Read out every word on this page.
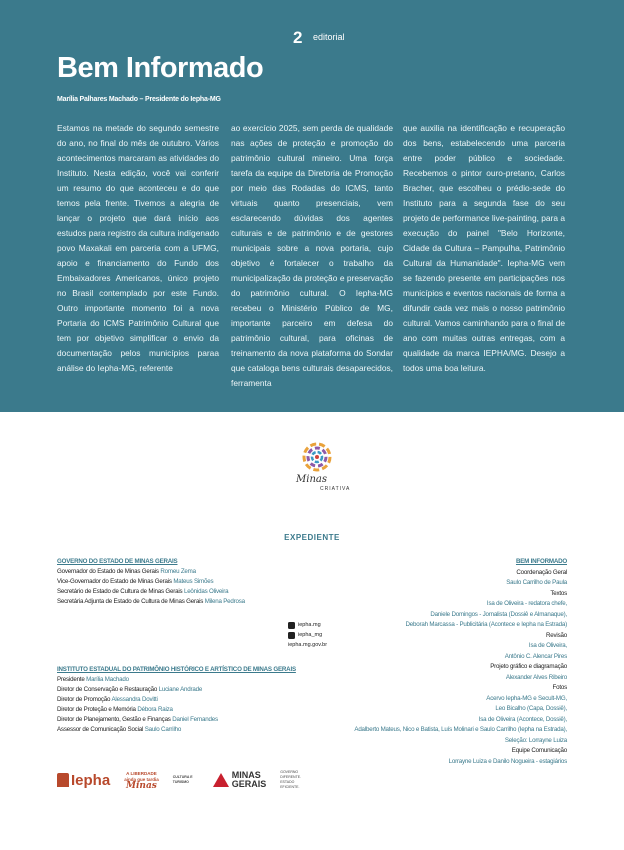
2 editorial
Bem Informado
Marília Palhares Machado – Presidente do Iepha-MG

Estamos na metade do segundo semestre do ano, no final do mês de outubro. Vários acontecimentos marcaram as atividades do Instituto. Nesta edição, você vai conferir um resumo do que aconteceu e do que temos pela frente. Tivemos a alegria de lançar o projeto que dará início aos estudos para registro da cultura indígenado povo Maxakali em parceria com a UFMG, apoio e financiamento do Fundo dos Embaixadores Americanos, único projeto no Brasil contemplado por este Fundo. Outro importante momento foi a nova Portaria do ICMS Patrimônio Cultural que tem por objetivo simplificar o envio da documentação pelos municípios paraa análise do Iepha-MG, referente

ao exercício 2025, sem perda de qualidade nas ações de proteção e promoção do patrimônio cultural mineiro. Uma força tarefa da equipe da Diretoria de Promoção por meio das Rodadas do ICMS, tanto virtuais quanto presenciais, vem esclarecendo dúvidas dos agentes culturais e de patrimônio e de gestores municipais sobre a nova portaria, cujo objetivo é fortalecer o trabalho da municipalização da proteção e preservação do patrimônio cultural. O Iepha-MG recebeu o Ministério Público de MG, importante parceiro em defesa do patrimônio cultural, para oficinas de treinamento da nova plataforma do Sondar que cataloga bens culturais desaparecidos, ferramenta

que auxilia na identificação e recuperação dos bens, estabelecendo uma parceria entre poder público e sociedade. Recebemos o pintor ouro-pretano, Carlos Bracher, que escolheu o prédio-sede do Instituto para a segunda fase do seu projeto de performance live-painting, para a execução do painel "Belo Horizonte, Cidade da Cultura – Pampulha, Patrimônio Cultural da Humanidade". Iepha-MG vem se fazendo presente em participações nos municípios e eventos nacionais de forma a difundir cada vez mais o nosso patrimônio cultural. Vamos caminhando para o final de ano com muitas outras entregas, com a qualidade da marca IEPHA/MG. Desejo a todos uma boa leitura.

Minas
CRIATIVA
EXPEDIENTE
GOVERNO DO ESTADO DE MINAS GERAIS
Governador do Estado de Minas Gerais Romeu Zema
Vice-Governador do Estado de Minas Gerais Mateus Simões
Secretário de Estado de Cultura de Minas Gerais Leônidas Oliveira
Secretária Adjunta de Estado de Cultura de Minas Gerais Milena Pedrosa
iepha.mg
iepha_mg
iepha.mg.gov.br
INSTITUTO ESTADUAL DO PATRIMÔNIO HISTÓRICO E ARTÍSTICO DE MINAS GERAIS
Presidente Marília Machado
Diretor de Conservação e Restauração Luciane Andrade
Diretor de Promoção Alessandra Dovitti
Diretor de Proteção e Memória Débora Raiza
Diretor de Planejamento, Gestão e Finanças Daniel Fernandes
Assessor de Comunicação Social Saulo Carrilho
BEM INFORMADO
Coordenação Geral
Saulo Carrilho de Paula
Textos
Isa de Oliveira - redatora chefe,
Daniele Domingos - Jornalista (Dossiê e Almanaque),
Deborah Marcassa - Publicitária (Acontece e Iepha na Estrada)
Revisão
Isa de Oliveira,
Antônio C. Alencar Pires
Projeto gráfico e diagramação
Alexander Alves Ribeiro
Fotos
Acervo Iepha-MG e Secult-MG,
Leo Bicalho (Capa, Dossiê),
Isa de Oliveira (Acontece, Dossiê),
Adalberto Mateus, Nico e Batista, Luís Molinari e Saulo Carrilho (Iepha na Estrada),
Seleção: Lorrayne Luiza
Equipe Comunicação
Lorrayne Luiza e Danilo Nogueira - estagiários
Iepha	A LIBERDADE
ainda que tardia
Minas
CULTURA E TURISMO
MINAS
GERAIS
GOVERNO DIFERENTE. ESTADO EFICIENTE.
